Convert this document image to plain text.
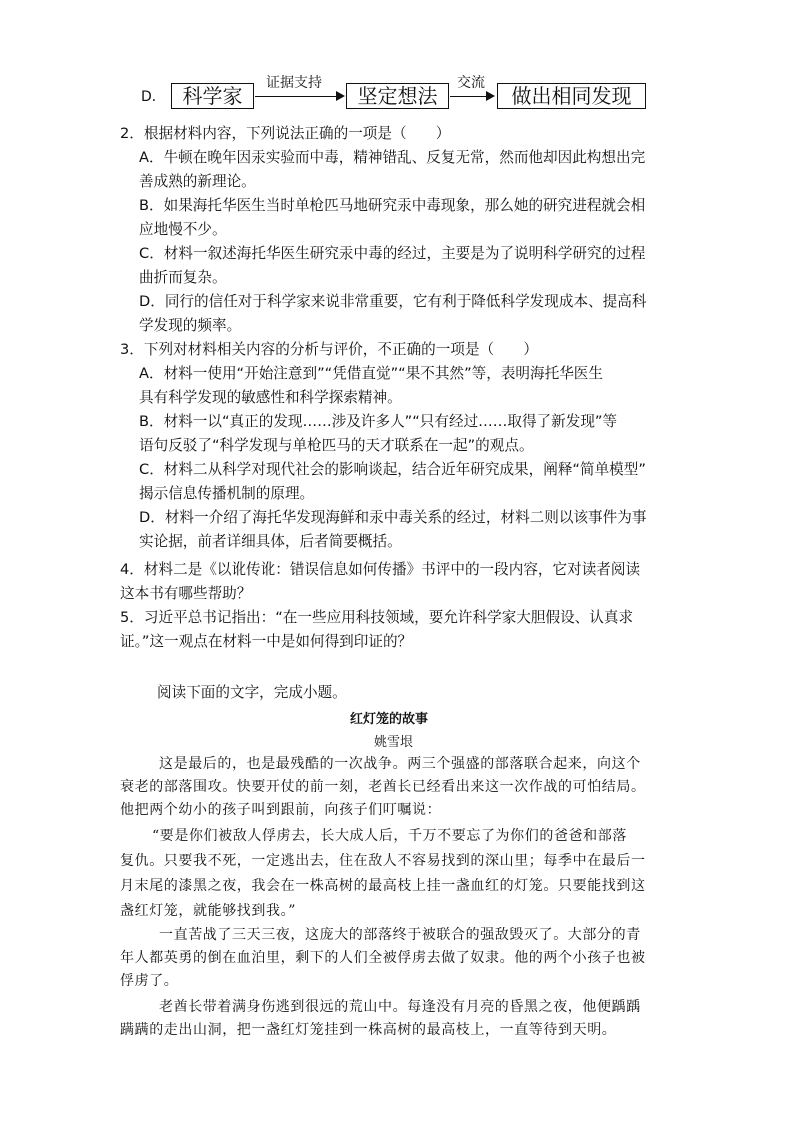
D． 科学家
证据支持
坚定想法
交流
做出相同发现
2．根据材料内容，下列说法正确的一项是（　　）
A．牛顿在晚年因汞实验而中毒，精神错乱、反复无常，然而他却因此构想出完
善成熟的新理论。
B．如果海托华医生当时单枪匹马地研究汞中毒现象，那么她的研究进程就会相
应地慢不少。
C．材料一叙述海托华医生研究汞中毒的经过，主要是为了说明科学研究的过程
曲折而复杂。
D．同行的信任对于科学家来说非常重要，它有利于降低科学发现成本、提高科
学发现的频率。
3．下列对材料相关内容的分析与评价，不正确的一项是（　　）
A．材料一使用“开始注意到”“凭借直觉”“果不其然”等，表明海托华医生
具有科学发现的敏感性和科学探索精神。
B．材料一以“真正的发现……涉及许多人”“只有经过……取得了新发现”等
语句反驳了“科学发现与单枪匹马的天才联系在一起”的观点。
C．材料二从科学对现代社会的影响谈起，结合近年研究成果，阐释“简单模型”
揭示信息传播机制的原理。
D．材料一介绍了海托华发现海鲜和汞中毒关系的经过，材料二则以该事件为事
实论据，前者详细具体，后者简要概括。
4．材料二是《以讹传讹：错误信息如何传播》书评中的一段内容，它对读者阅读
这本书有哪些帮助？
5．习近平总书记指出：“在一些应用科技领域，要允许科学家大胆假设、认真求
证。”这一观点在材料一中是如何得到印证的？
阅读下面的文字，完成小题。
红灯笼的故事
姚雪垠
这是最后的，也是最残酷的一次战争。两三个强盛的部落联合起来，向这个
衰老的部落围攻。快要开仗的前一刻，老酋长已经看出来这一次作战的可怕结局。
他把两个幼小的孩子叫到跟前，向孩子们叮嘱说：
“要是你们被敌人俘虏去，长大成人后，千万不要忘了为你们的爸爸和部落
复仇。只要我不死，一定逃出去，住在敌人不容易找到的深山里；每季中在最后一
月末尾的漆黑之夜，我会在一株高树的最高枝上挂一盏血红的灯笼。只要能找到这
盏红灯笼，就能够找到我。”
一直苦战了三天三夜，这庞大的部落终于被联合的强敌毁灭了。大部分的青
年人都英勇的倒在血泊里，剩下的人们全被俘虏去做了奴隶。他的两个小孩子也被
俘虏了。
老酋长带着满身伤逃到很远的荒山中。每逢没有月亮的昏黑之夜，他便踽踽
蹒蹒的走出山洞，把一盏红灯笼挂到一株高树的最高枝上，一直等待到天明。
